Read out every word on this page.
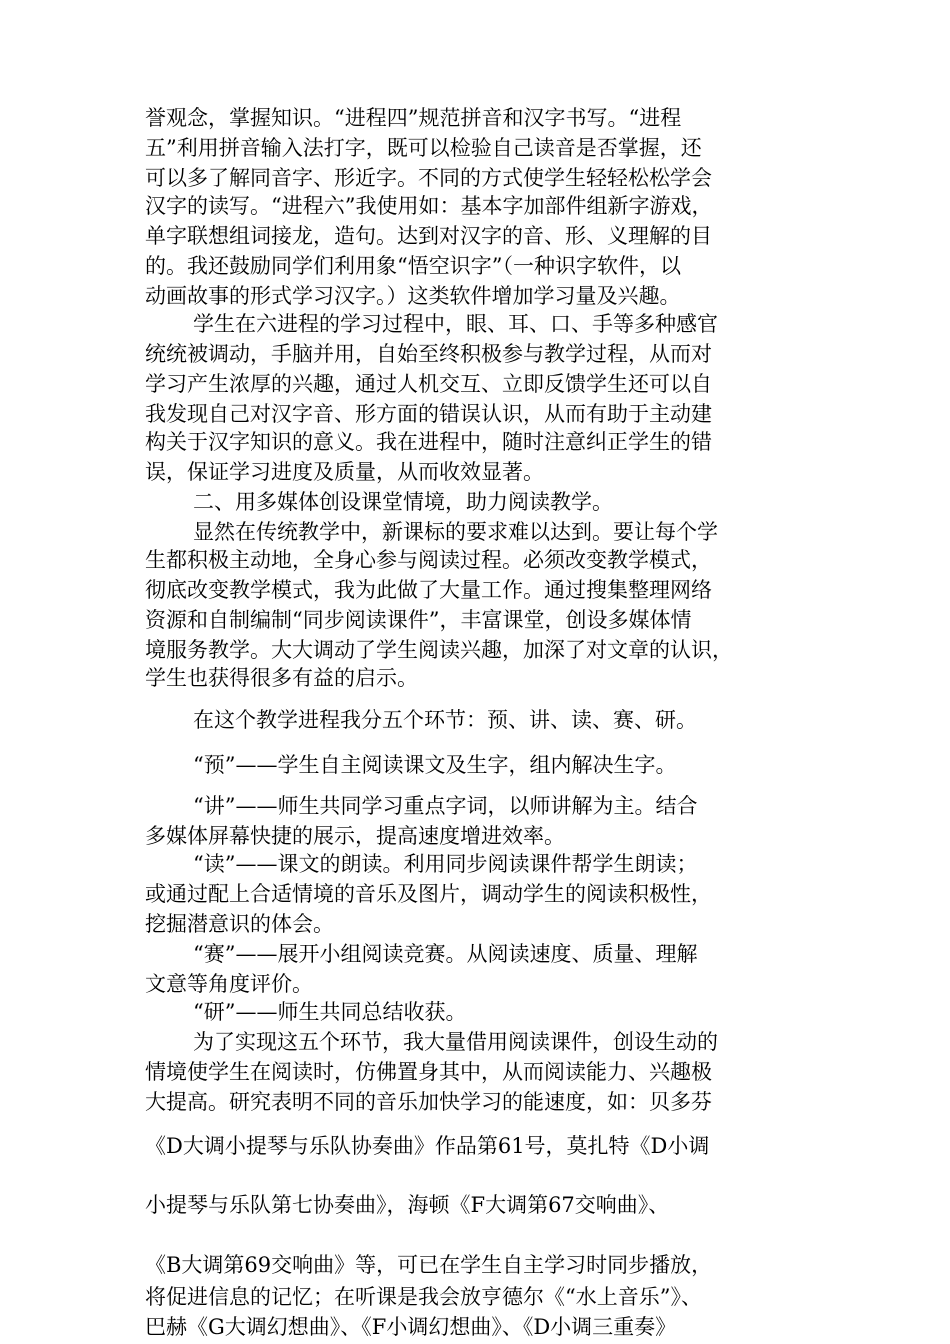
誉观念，掌握知识。“进程四”规范拼音和汉字书写。“进程
五”利用拼音输入法打字，既可以检验自己读音是否掌握，还
可以多了解同音字、形近字。不同的方式使学生轻轻松松学会
汉字的读写。“进程六”我使用如：基本字加部件组新字游戏，
单字联想组词接龙，造句。达到对汉字的音、形、义理解的目
的。我还鼓励同学们利用象“悟空识字”（一种识字软件，以
动画故事的形式学习汉字。）这类软件增加学习量及兴趣。
学生在六进程的学习过程中，眼、耳、口、手等多种感官
统统被调动，手脑并用，自始至终积极参与教学过程，从而对
学习产生浓厚的兴趣，通过人机交互、立即反馈学生还可以自
我发现自己对汉字音、形方面的错误认识，从而有助于主动建
构关于汉字知识的意义。我在进程中，随时注意纠正学生的错
误，保证学习进度及质量，从而收效显著。
二、用多媒体创设课堂情境，助力阅读教学。
显然在传统教学中，新课标的要求难以达到。要让每个学
生都积极主动地，全身心参与阅读过程。必须改变教学模式，
彻底改变教学模式，我为此做了大量工作。通过搜集整理网络
资源和自制编制“同步阅读课件”，丰富课堂，创设多媒体情
境服务教学。大大调动了学生阅读兴趣，加深了对文章的认识，
学生也获得很多有益的启示。
在这个教学进程我分五个环节：预、讲、读、赛、研。
“预”——学生自主阅读课文及生字，组内解决生字。
“讲”——师生共同学习重点字词，以师讲解为主。结合
多媒体屏幕快捷的展示，提高速度增进效率。
“读”——课文的朗读。利用同步阅读课件帮学生朗读；
或通过配上合适情境的音乐及图片，调动学生的阅读积极性，
挖掘潜意识的体会。
“赛”——展开小组阅读竞赛。从阅读速度、质量、理解
文意等角度评价。
“研”——师生共同总结收获。
为了实现这五个环节，我大量借用阅读课件，创设生动的
情境使学生在阅读时，仿佛置身其中，从而阅读能力、兴趣极
大提高。研究表明不同的音乐加快学习的能速度，如：贝多芬
《D大调小提琴与乐队协奏曲》作品第61号，莫扎特《D小调
小提琴与乐队第七协奏曲》，海顿《F大调第67交响曲》、
《B大调第69交响曲》等，可已在学生自主学习时同步播放，
将促进信息的记忆；在听课是我会放亨德尔《“水上音乐”》、
巴赫《G大调幻想曲》、《F小调幻想曲》、《D小调三重奏》
